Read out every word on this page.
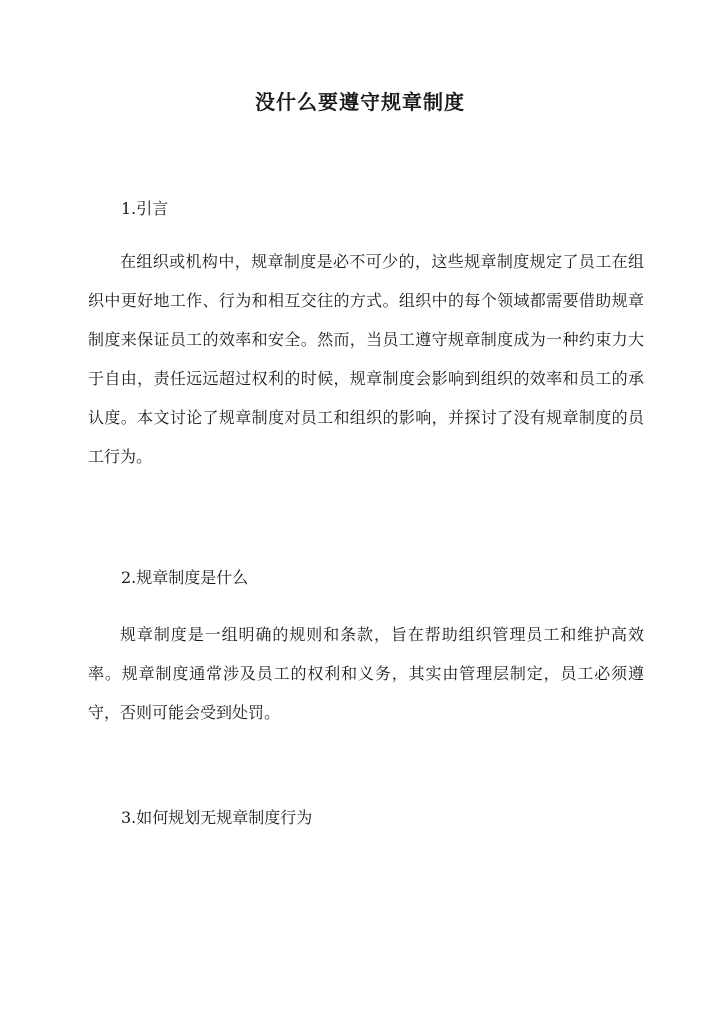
没什么要遵守规章制度
1.引言

在组织或机构中，规章制度是必不可少的，这些规章制度规定了员工在组织中更好地工作、行为和相互交往的方式。组织中的每个领域都需要借助规章制度来保证员工的效率和安全。然而，当员工遵守规章制度成为一种约束力大于自由，责任远远超过权利的时候，规章制度会影响到组织的效率和员工的承认度。本文讨论了规章制度对员工和组织的影响，并探讨了没有规章制度的员工行为。

2.规章制度是什么

规章制度是一组明确的规则和条款，旨在帮助组织管理员工和维护高效率。规章制度通常涉及员工的权利和义务，其实由管理层制定，员工必须遵守，否则可能会受到处罚。

3.如何规划无规章制度行为
